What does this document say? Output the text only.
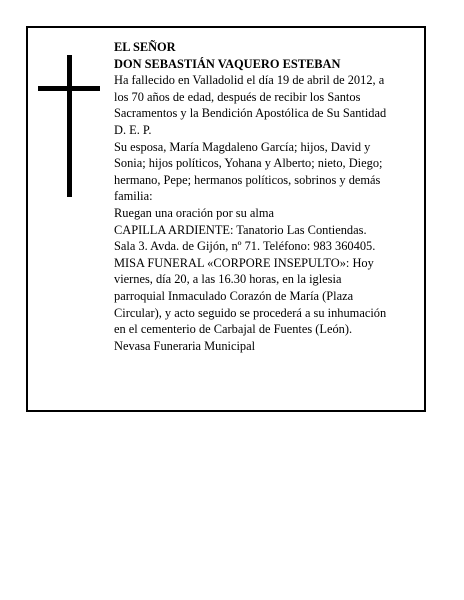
EL SEÑOR
DON SEBASTIÁN VAQUERO ESTEBAN
Ha fallecido en Valladolid el día 19 de abril de 2012, a
los 70 años de edad, después de recibir los Santos
Sacramentos y la Bendición Apostólica de Su Santidad
D. E. P.
Su esposa, María Magdaleno García; hijos, David y
Sonia; hijos políticos, Yohana y Alberto; nieto, Diego;
hermano, Pepe; hermanos políticos, sobrinos y demás
familia:
Ruegan una oración por su alma
CAPILLA ARDIENTE: Tanatorio Las Contiendas.
Sala 3. Avda. de Gijón, nº 71. Teléfono: 983 360405.
MISA FUNERAL «CORPORE INSEPULTO»: Hoy
viernes, día 20, a las 16.30 horas, en la iglesia
parroquial Inmaculado Corazón de María (Plaza
Circular), y acto seguido se procederá a su inhumación
en el cementerio de Carbajal de Fuentes (León).
Nevasa Funeraria Municipal
